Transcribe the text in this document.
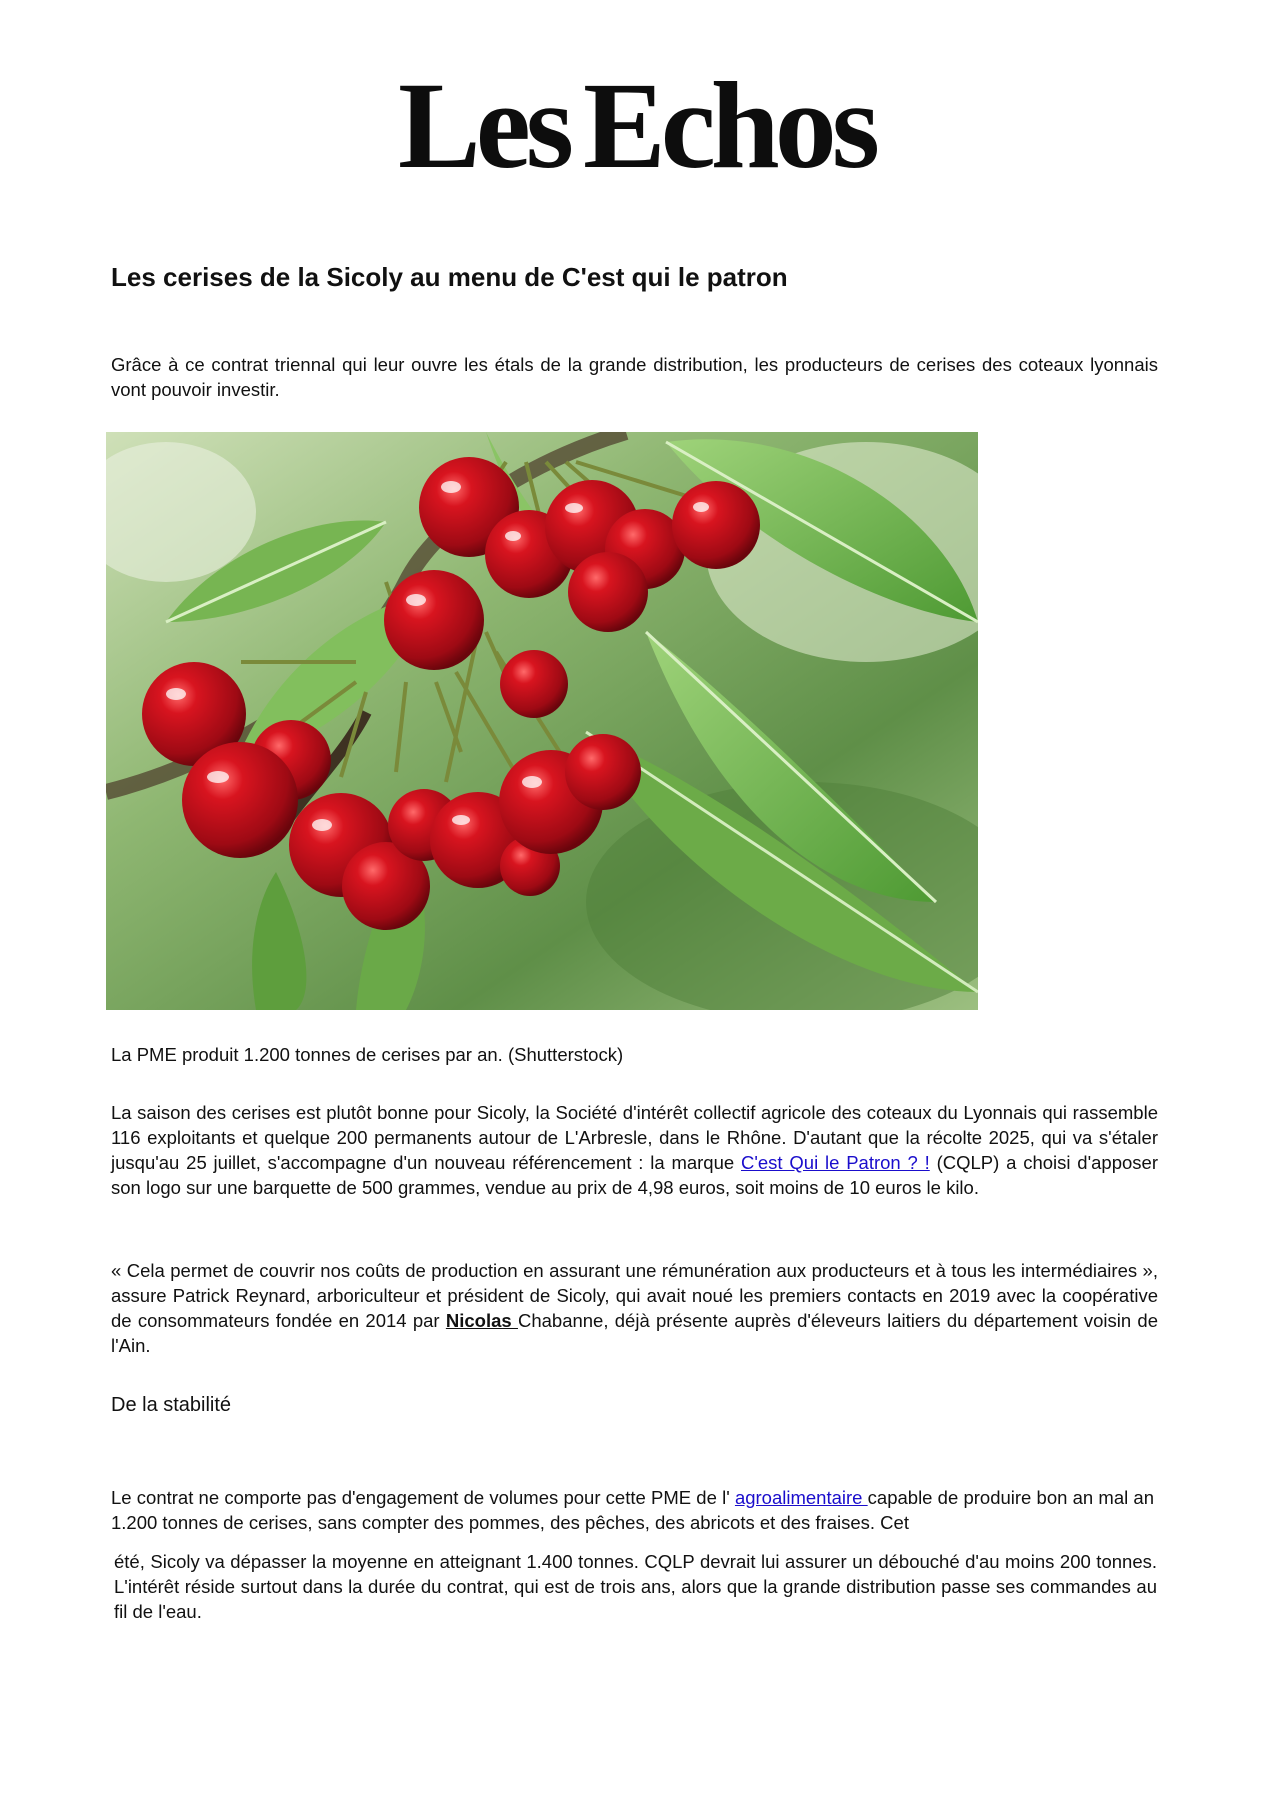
Les Echos
Les cerises de la Sicoly au menu de C'est qui le patron

Grâce à ce contrat triennal qui leur ouvre les étals de la grande distribution, les producteurs de cerises des coteaux lyonnais vont pouvoir investir.

La PME produit 1.200 tonnes de cerises par an. (Shutterstock)

La saison des cerises est plutôt bonne pour Sicoly, la Société d'intérêt collectif agricole des coteaux du Lyonnais qui rassemble 116 exploitants et quelque 200 permanents autour de L'Arbresle, dans le Rhône. D'autant que la récolte 2025, qui va s'étaler jusqu'au 25 juillet, s'accompagne d'un nouveau référencement : la marque C'est Qui le Patron ? ! (CQLP) a choisi d'apposer son logo sur une barquette de 500 grammes, vendue au prix de 4,98 euros, soit moins de 10 euros le kilo.

« Cela permet de couvrir nos coûts de production en assurant une rémunération aux producteurs et à tous les intermédiaires », assure Patrick Reynard, arboriculteur et président de Sicoly, qui avait noué les premiers contacts en 2019 avec la coopérative de consommateurs fondée en 2014 par Nicolas Chabanne, déjà présente auprès d'éleveurs laitiers du département voisin de l'Ain.

De la stabilité

Le contrat ne comporte pas d'engagement de volumes pour cette PME de l' agroalimentaire capable de produire bon an mal an 1.200 tonnes de cerises, sans compter des pommes, des pêches, des abricots et des fraises. Cet

été, Sicoly va dépasser la moyenne en atteignant 1.400 tonnes. CQLP devrait lui assurer un débouché d'au moins 200 tonnes. L'intérêt réside surtout dans la durée du contrat, qui est de trois ans, alors que la grande distribution passe ses commandes au fil de l'eau.
